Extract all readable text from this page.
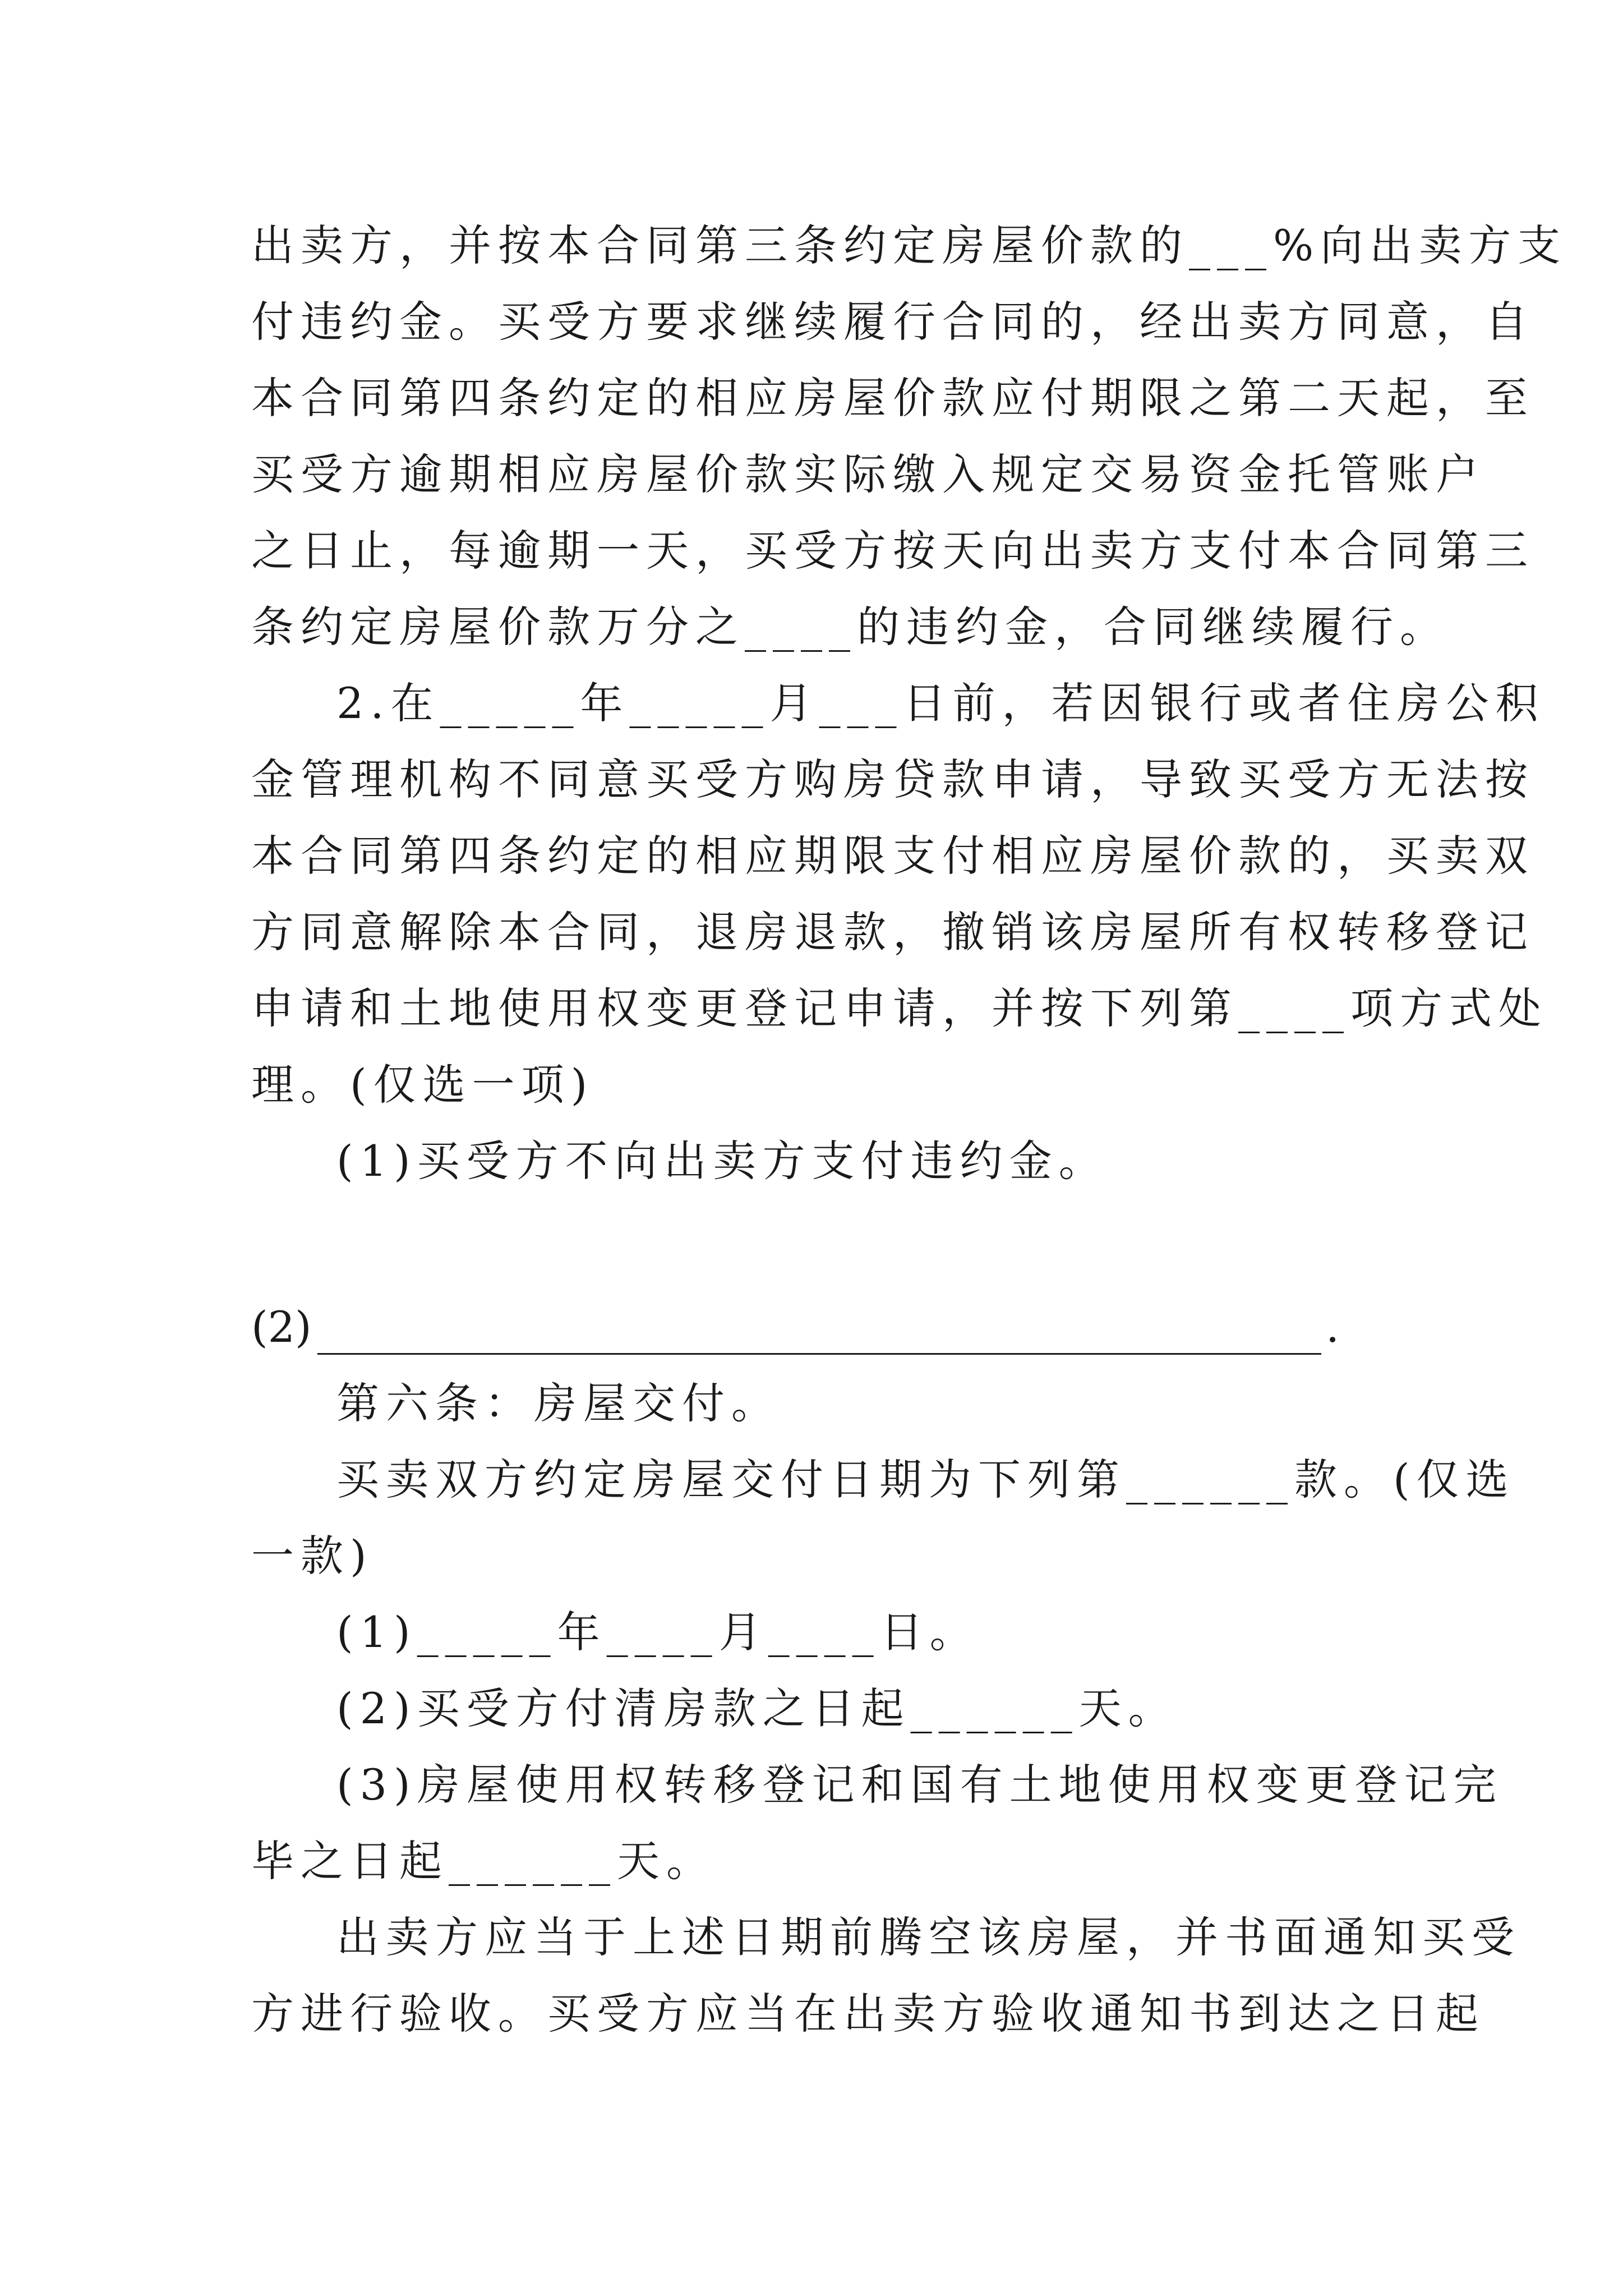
出卖方，并按本合同第三条约定房屋价款的___%向出卖方支
付违约金。买受方要求继续履行合同的，经出卖方同意，自
本合同第四条约定的相应房屋价款应付期限之第二天起，至
买受方逾期相应房屋价款实际缴入规定交易资金托管账户
之日止，每逾期一天，买受方按天向出卖方支付本合同第三
条约定房屋价款万分之____的违约金，合同继续履行。
2.在_____年_____月___日前，若因银行或者住房公积
金管理机构不同意买受方购房贷款申请，导致买受方无法按
本合同第四条约定的相应期限支付相应房屋价款的，买卖双
方同意解除本合同，退房退款，撤销该房屋所有权转移登记
申请和土地使用权变更登记申请，并按下列第____项方式处
理。(仅选一项)
(1)买受方不向出卖方支付违约金。
(2)	.
第六条：房屋交付。
买卖双方约定房屋交付日期为下列第______款。(仅选
一款)
(1)_____年____月____日。
(2)买受方付清房款之日起______天。
(3)房屋使用权转移登记和国有土地使用权变更登记完
毕之日起______天。
出卖方应当于上述日期前腾空该房屋，并书面通知买受
方进行验收。买受方应当在出卖方验收通知书到达之日起
